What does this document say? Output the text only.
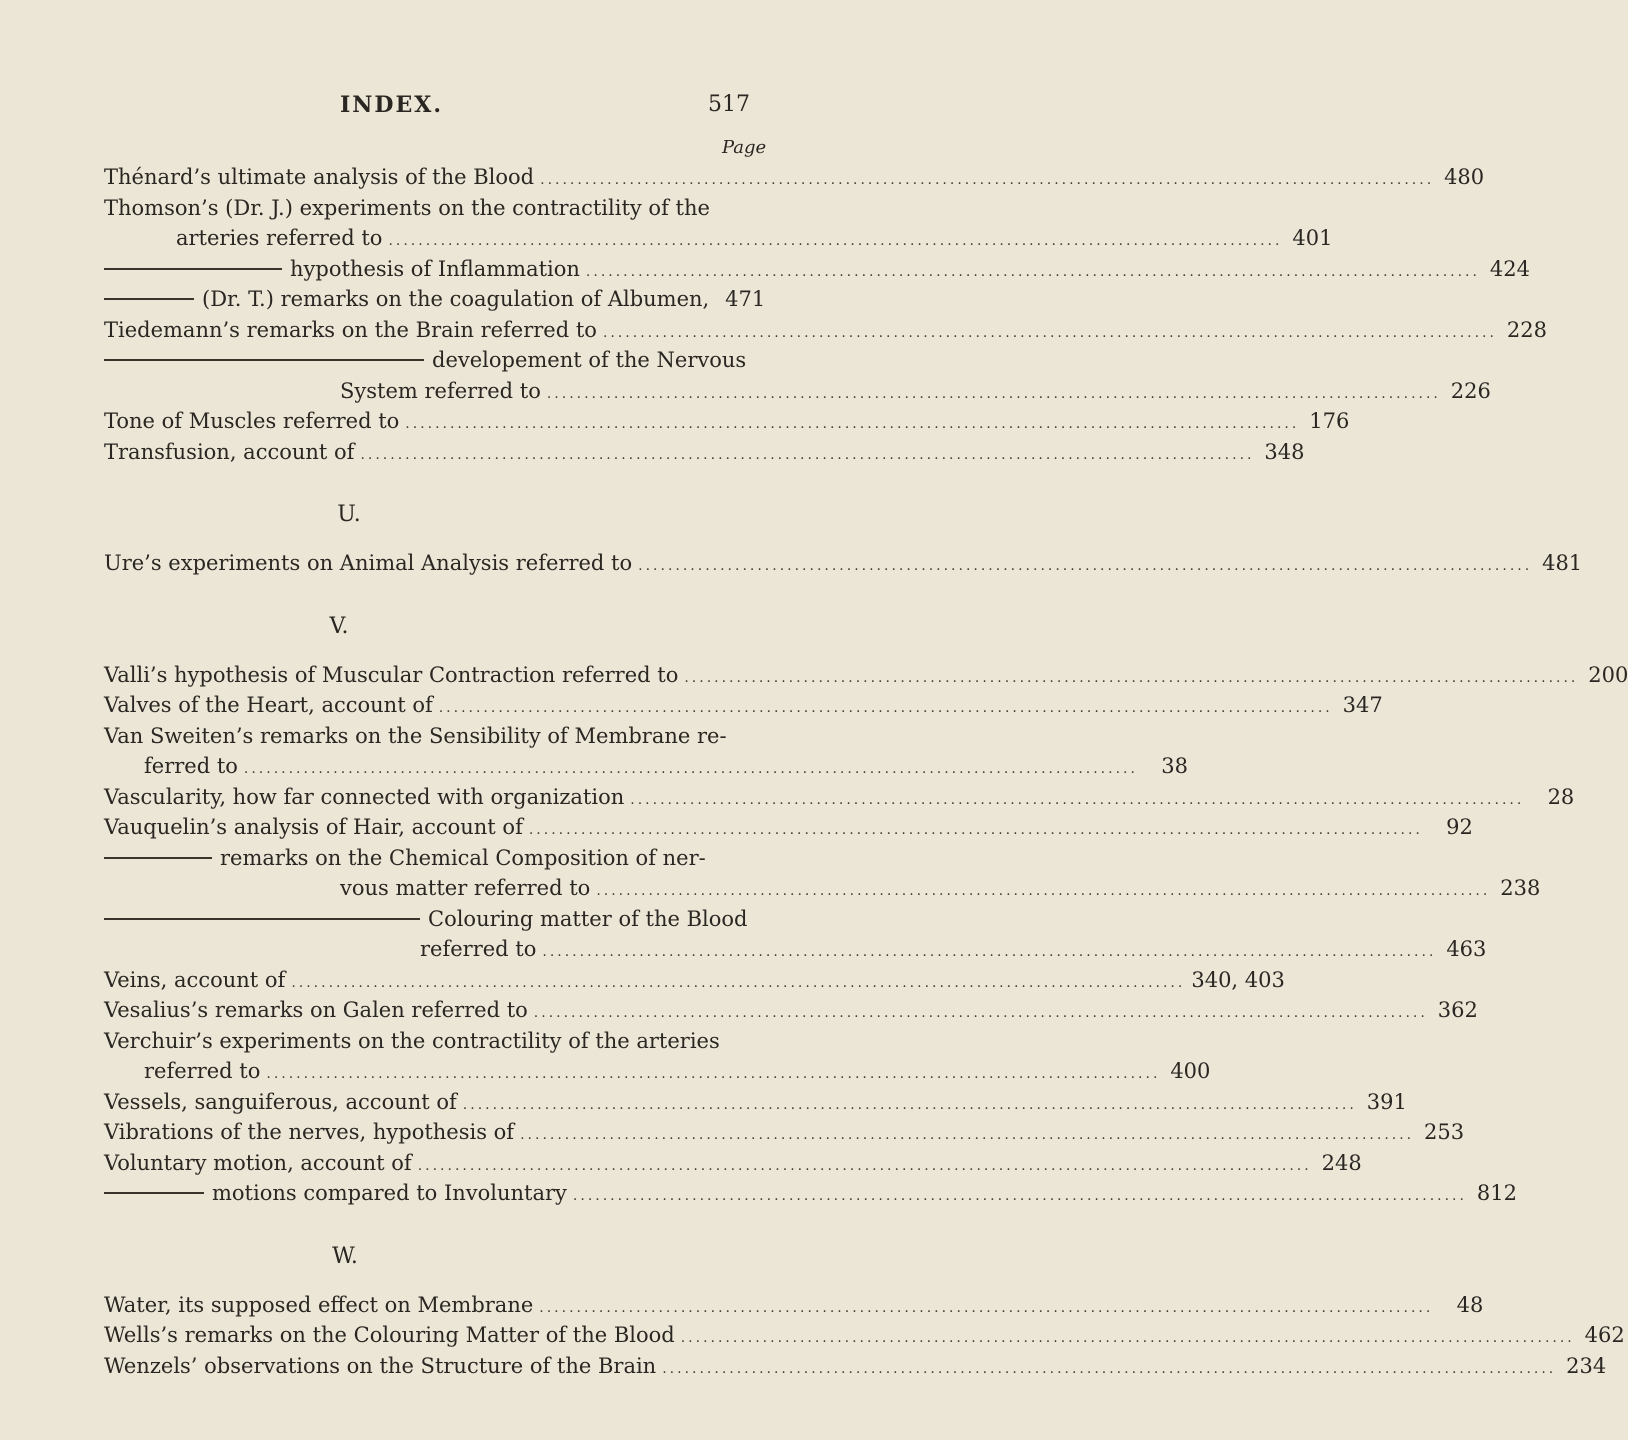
INDEX.	517
Page
Thénard’s ultimate analysis of the Blood ........................................................................................................................ 480
Thomson’s (Dr. J.) experiments on the contractility of the
arteries referred to ........................................................................................................................ 401
hypothesis of Inflammation ........................................................................................................................ 424
(Dr. T.) remarks on the coagulation of Albumen, 471
Tiedemann’s remarks on the Brain referred to ........................................................................................................................ 228
developement of the Nervous
System referred to ........................................................................................................................ 226
Tone of Muscles referred to ........................................................................................................................ 176
Transfusion, account of ........................................................................................................................ 348
U.
Ure’s experiments on Animal Analysis referred to ........................................................................................................................ 481
V.
Valli’s hypothesis of Muscular Contraction referred to ........................................................................................................................ 200
Valves of the Heart, account of ........................................................................................................................ 347
Van Sweiten’s remarks on the Sensibility of Membrane re-
ferred to ........................................................................................................................	38
Vascularity, how far connected with organization ........................................................................................................................	28
Vauquelin’s analysis of Hair, account of ........................................................................................................................	92
remarks on the Chemical Composition of ner-
vous matter referred to ........................................................................................................................ 238
Colouring matter of the Blood
referred to ........................................................................................................................ 463
Veins, account of ........................................................................................................................ 340, 403
Vesalius’s remarks on Galen referred to ........................................................................................................................ 362
Verchuir’s experiments on the contractility of the arteries
referred to ........................................................................................................................ 400
Vessels, sanguiferous, account of ........................................................................................................................ 391
Vibrations of the nerves, hypothesis of ........................................................................................................................ 253
Voluntary motion, account of ........................................................................................................................ 248
motions compared to Involuntary ........................................................................................................................ 812
W.
Water, its supposed effect on Membrane ........................................................................................................................	48
Wells’s remarks on the Colouring Matter of the Blood ........................................................................................................................ 462
Wenzels’ observations on the Structure of the Brain ........................................................................................................................ 234
